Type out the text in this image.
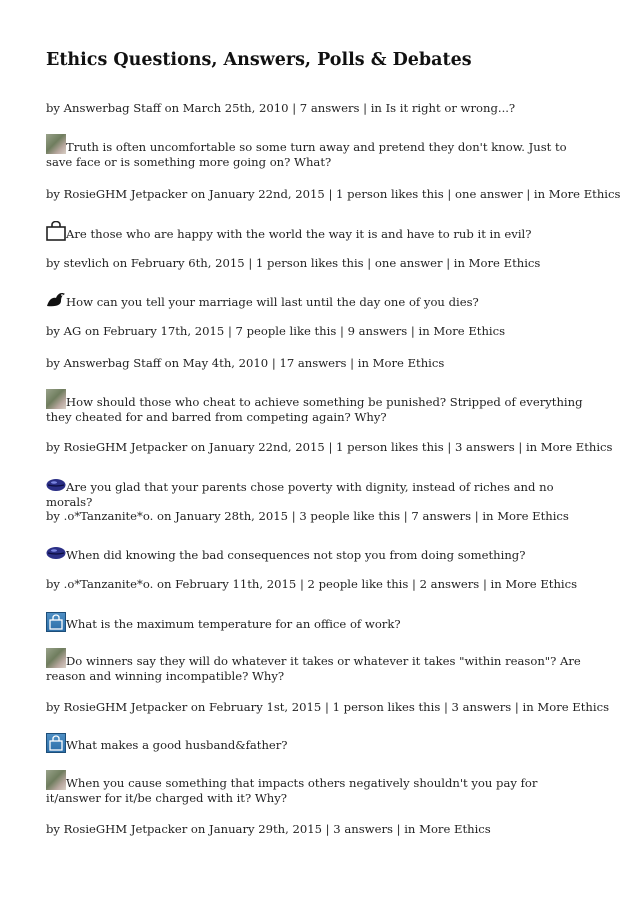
Ethics Questions, Answers, Polls & Debates
by Answerbag Staff on March 25th, 2010 | 7 answers | in Is it right or wrong...?
Truth is often uncomfortable so some turn away and pretend they don't know. Just to save face or is something more going on? What?
by RosieGHM Jetpacker on January 22nd, 2015 | 1 person likes this | one answer | in More Ethics
Are those who are happy with the world the way it is and have to rub it in evil?
by stevlich on February 6th, 2015 | 1 person likes this | one answer | in More Ethics
How can you tell your marriage will last until the day one of you dies?
by AG on February 17th, 2015 | 7 people like this | 9 answers | in More Ethics
by Answerbag Staff on May 4th, 2010 | 17 answers | in More Ethics
How should those who cheat to achieve something be punished? Stripped of everything they cheated for and barred from competing again? Why?
by RosieGHM Jetpacker on January 22nd, 2015 | 1 person likes this | 3 answers | in More Ethics
Are you glad that your parents chose poverty with dignity, instead of riches and no morals?
by .o*Tanzanite*o. on January 28th, 2015 | 3 people like this | 7 answers | in More Ethics
When did knowing the bad consequences not stop you from doing something?
by .o*Tanzanite*o. on February 11th, 2015 | 2 people like this | 2 answers | in More Ethics
What is the maximum temperature for an office of work?
Do winners say they will do whatever it takes or whatever it takes "within reason"? Are reason and winning incompatible? Why?
by RosieGHM Jetpacker on February 1st, 2015 | 1 person likes this | 3 answers | in More Ethics
What makes a good husband&father?
When you cause something that impacts others negatively shouldn't you pay for it/answer for it/be charged with it? Why?
by RosieGHM Jetpacker on January 29th, 2015 | 3 answers | in More Ethics
